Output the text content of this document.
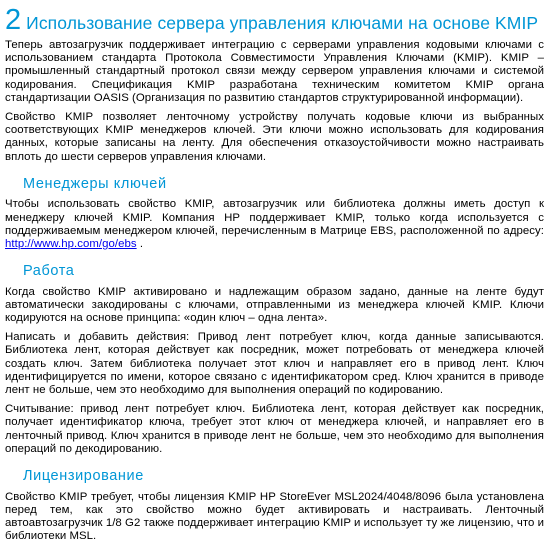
2 Использование сервера управления ключами на основе KMIP

Теперь автозагрузчик поддерживает интеграцию с серверами управления кодовыми ключами с использованием стандарта Протокола Совместимости Управления Ключами (KMIP). KMIP – промышленный стандартный протокол связи между сервером управления ключами и системой кодирования. Спецификация KMIP разработана техническим комитетом KMIP органа стандартизации OASIS (Организация по развитию стандартов структурированной информации).

Свойство KMIP позволяет ленточному устройству получать кодовые ключи из выбранных соответствующих KMIP менеджеров ключей. Эти ключи можно использовать для кодирования данных, которые записаны на ленту. Для обеспечения отказоустойчивости можно настраивать вплоть до шести серверов управления ключами.

Менеджеры ключей

Чтобы использовать свойство KMIP, автозагрузчик или библиотека должны иметь доступ к менеджеру ключей KMIP. Компания HP поддерживает KMIP, только когда используется с поддерживаемым менеджером ключей, перечисленным в Матрице EBS, расположенной по адресу: http://www.hp.com/go/ebs .

Работа

Когда свойство KMIP активировано и надлежащим образом задано, данные на ленте будут автоматически закодированы с ключами, отправленными из менеджера ключей KMIP. Ключи кодируются на основе принципа: «один ключ – одна лента».

Написать и добавить действия: Привод лент потребует ключ, когда данные записываются. Библиотека лент, которая действует как посредник, может потребовать от менеджера ключей создать ключ. Затем библиотека получает этот ключ и направляет его в привод лент. Ключ идентифицируется по имени, которое связано с идентификатором сред. Ключ хранится в приводе лент не больше, чем это необходимо для выполнения операций по кодированию.

Считывание: привод лент потребует ключ. Библиотека лент, которая действует как посредник, получает идентификатор ключа, требует этот ключ от менеджера ключей, и направляет его в ленточный привод. Ключ хранится в приводе лент не больше, чем это необходимо для выполнения операций по декодированию.

Лицензирование

Свойство KMIP требует, чтобы лицензия KMIP HP StoreEver MSL2024/4048/8096 была установлена перед тем, как это свойство можно будет активировать и настраивать. Ленточный автоавтозагрузчик 1/8 G2 также поддерживает интеграцию KMIP и использует ту же лицензию, что и библиотеки MSL.
